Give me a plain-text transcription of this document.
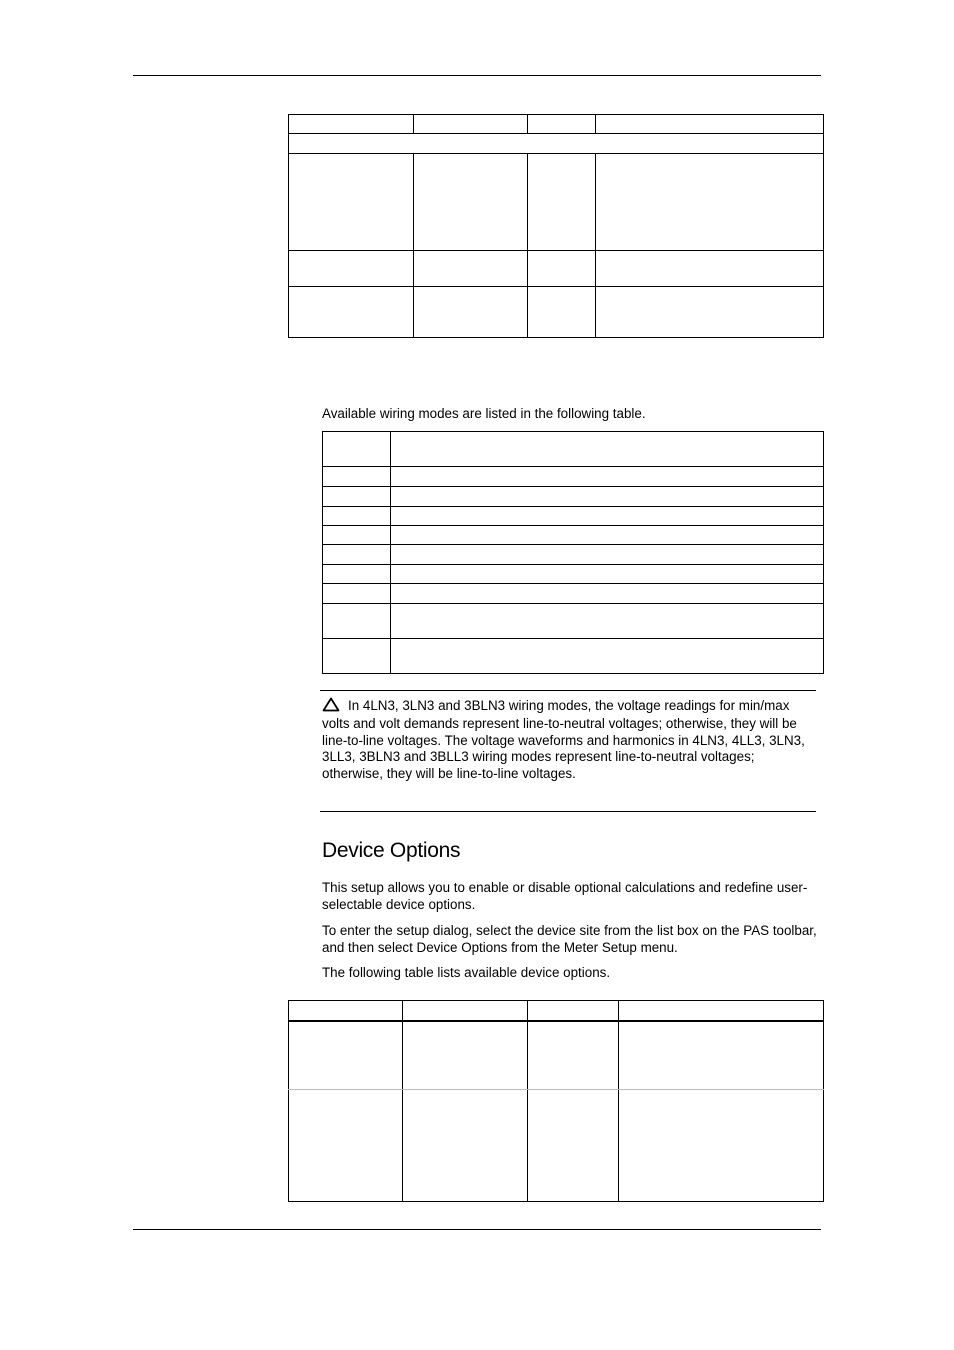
Available wiring modes are listed in the following table.

In 4LN3, 3LN3 and 3BLN3 wiring modes, the voltage readings for min/max volts and volt demands represent line-to-neutral voltages; otherwise, they will be line-to-line voltages. The voltage waveforms and harmonics in 4LN3, 4LL3, 3LN3, 3LL3, 3BLN3 and 3BLL3 wiring modes represent line-to-neutral voltages; otherwise, they will be line-to-line voltages.

Device Options

This setup allows you to enable or disable optional calculations and redefine user-selectable device options.

To enter the setup dialog, select the device site from the list box on the PAS toolbar, and then select Device Options from the Meter Setup menu.

The following table lists available device options.
